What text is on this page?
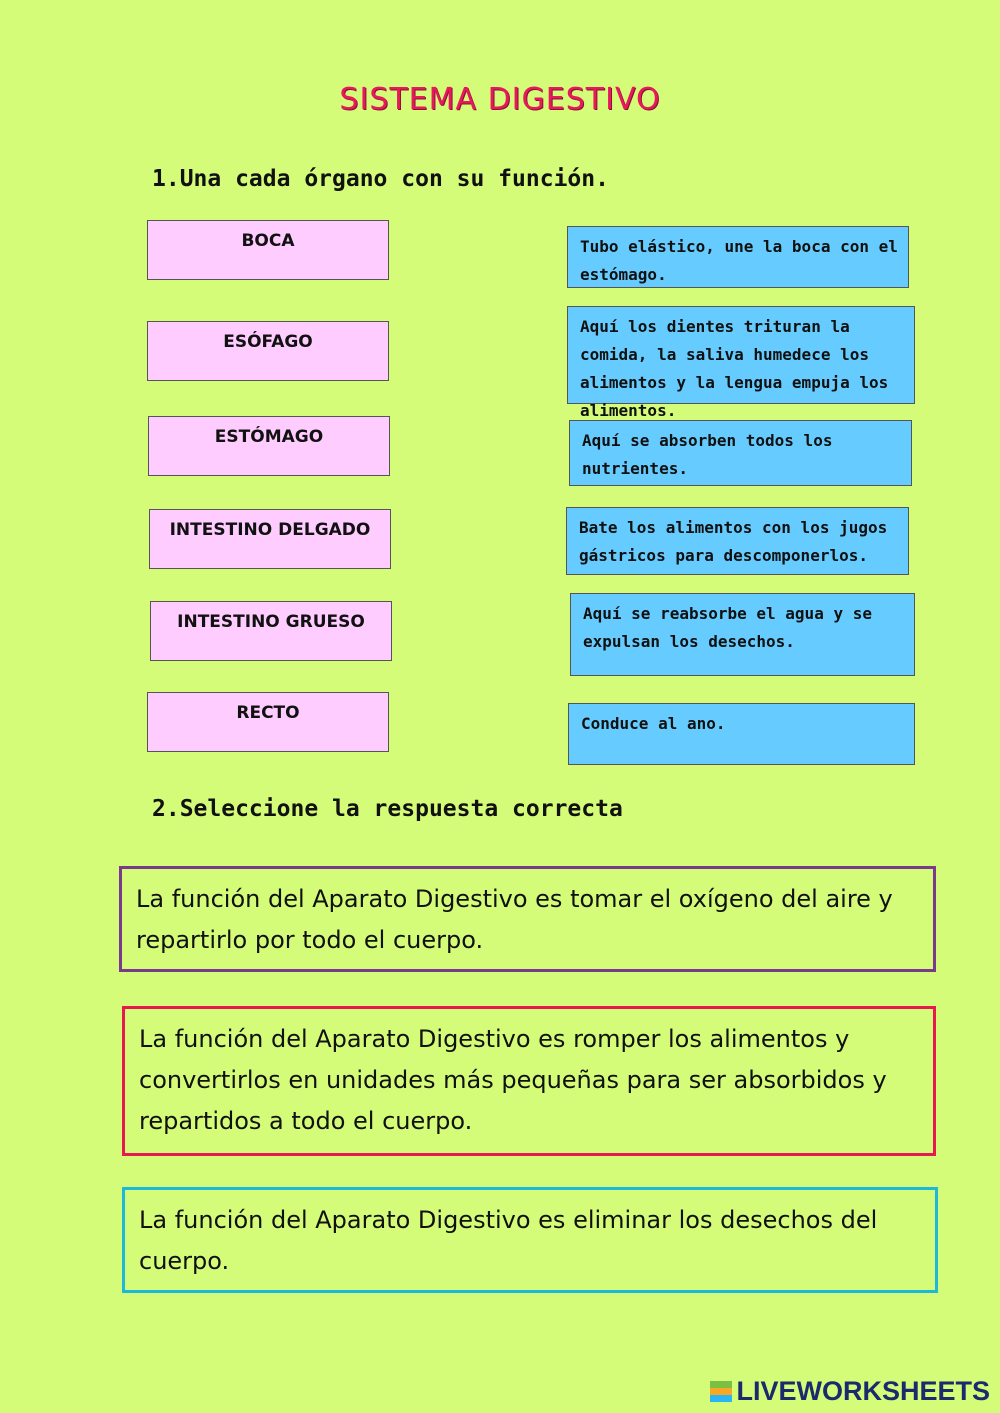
SISTEMA DIGESTIVO
1.Una cada órgano con su función.
BOCA
ESÓFAGO
ESTÓMAGO
INTESTINO DELGADO
INTESTINO GRUESO
RECTO
Tubo elástico, une la boca con el estómago.
Aquí los dientes trituran la comida, la saliva humedece los alimentos y la lengua empuja los alimentos.
Aquí se absorben todos los nutrientes.
Bate los alimentos con los jugos gástricos para descomponerlos.
Aquí se reabsorbe el agua y se expulsan los desechos.
Conduce al ano.
2.Seleccione la respuesta correcta
La función del Aparato Digestivo es tomar el oxígeno del aire y repartirlo por todo el cuerpo.
La función del Aparato Digestivo es romper los alimentos y convertirlos en unidades más pequeñas para ser absorbidos y repartidos a todo el cuerpo.
La función del Aparato Digestivo es eliminar los desechos del cuerpo.
LIVEWORKSHEETS
